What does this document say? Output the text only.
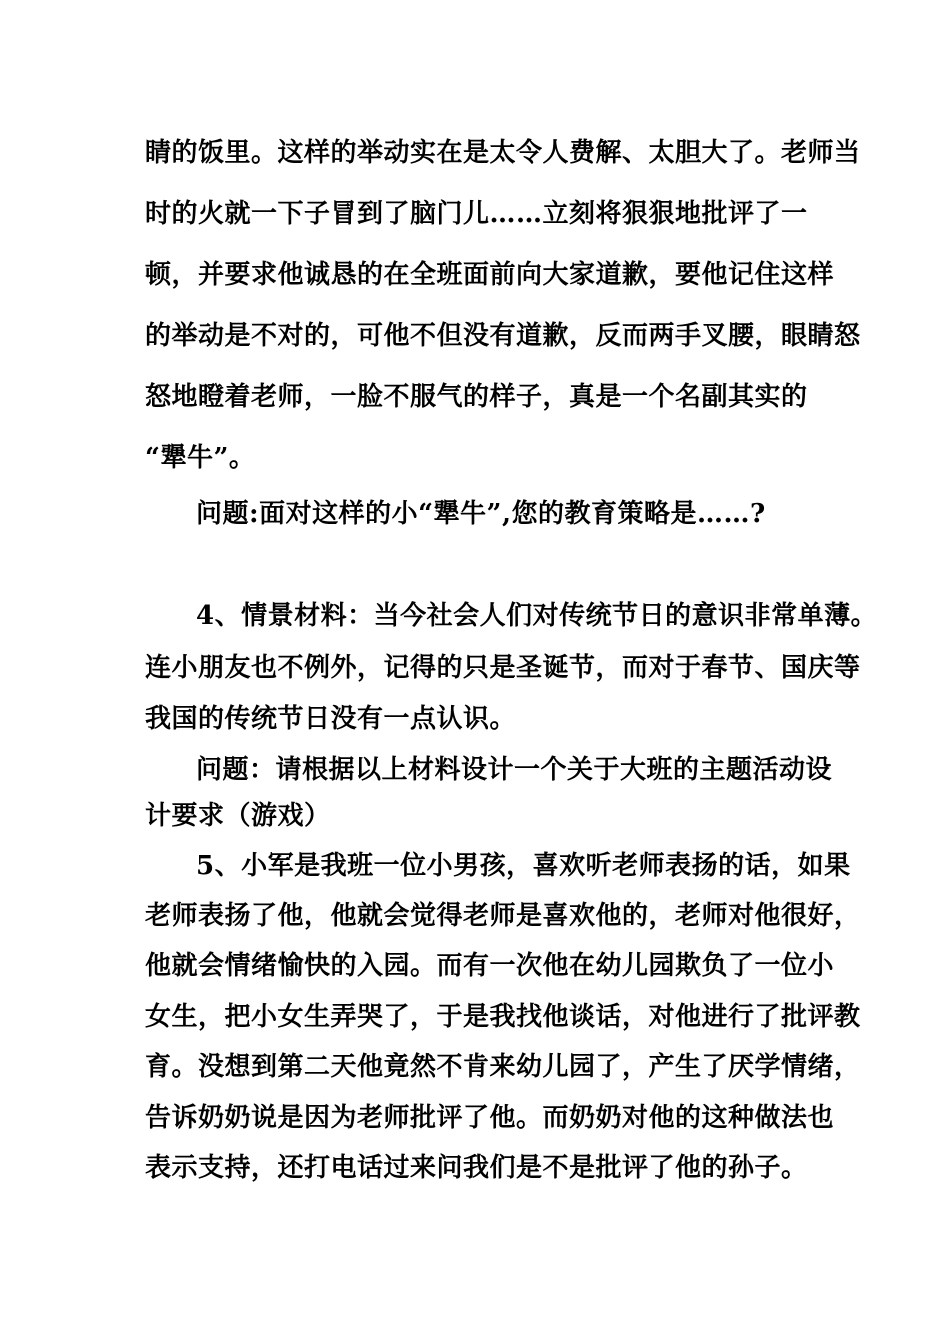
睛的饭里。这样的举动实在是太令人费解、太胆大了。老师当
时的火就一下子冒到了脑门儿……立刻将狠狠地批评了一
顿，并要求他诚恳的在全班面前向大家道歉，要他记住这样
的举动是不对的，可他不但没有道歉，反而两手叉腰，眼睛怒
怒地瞪着老师，一脸不服气的样子，真是一个名副其实的
“犟牛”。
问题:面对这样的小“犟牛”,您的教育策略是……?
4、情景材料：当今社会人们对传统节日的意识非常单薄。
连小朋友也不例外，记得的只是圣诞节，而对于春节、国庆等
我国的传统节日没有一点认识。
问题：请根据以上材料设计一个关于大班的主题活动设
计要求（游戏）
5、小军是我班一位小男孩，喜欢听老师表扬的话，如果
老师表扬了他，他就会觉得老师是喜欢他的，老师对他很好，
他就会情绪愉快的入园。而有一次他在幼儿园欺负了一位小
女生，把小女生弄哭了，于是我找他谈话，对他进行了批评教
育。没想到第二天他竟然不肯来幼儿园了，产生了厌学情绪，
告诉奶奶说是因为老师批评了他。而奶奶对他的这种做法也
表示支持，还打电话过来问我们是不是批评了他的孙子。
